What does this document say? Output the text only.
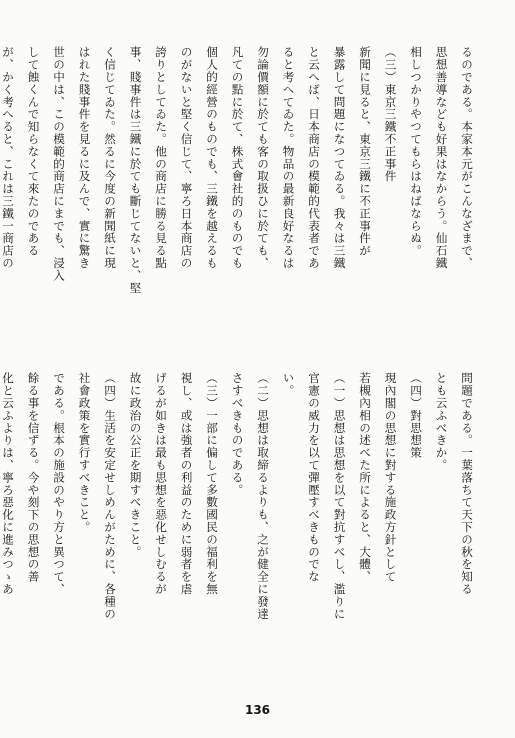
るのである。本家本元がこんなざまで、
思想善導なども好果はなからう。仙石鐵
相しつかりやつてもらはねばならぬ。
（三）東京三鐵不正事件
新聞に見ると、東京三鐵に不正事件が
暴露して問題になつてゐる。我々は三鐵
と云へば、日本商店の模範的代表者であ
ると考へてゐた。物品の最新良好なるは
勿論價額に於ても客の取扱ひに於ても、
凡ての點に於て、株式會社的のものでも
個人的經營のものでも、三鐵を越えるも
のがないと堅く信じて、寧ろ日本商店の
誇りとしてゐた。他の商店に勝る見る點
事、賤事件は三鐵に於ても斷じてないと、堅
く信じてゐた。然るに今度の新聞紙に現
はれた賤事件を見るに及んで、實に驚き
世の中は、この模範的商店にまでも、浸入
して蝕くんで知らなくて來たのである
が、かく考へると、これは三鐵一商店の

問題である。一葉落ちて天下の秋を知る
とも云ふべきか。
（四）對思想策
現內閣の思想に對する施政方針として
若槻內相の述べた所によると、大體、
（一）思想は思想を以て對抗すべし、濫りに
官憲の威力を以て彈壓すべきものでな
い。
（二）思想は取締るよりも、之が健全に發達
さすべきものである。
（三）一部に偏して多數國民の福利を無
視し、或は強者の利益のために弱者を虐
げるが如きは最も思想を惡化せしむるが
故に政治の公正を期すべきこと。
（四）生活を安定せしめんがために、各種の
社會政策を實行すべきこと。
である。根本の施設のやり方と異つて、
餘る事を信ずる。今や刻下の思想の善
化と云ふよりは、寧ろ惡化に進みつゝあ

136
